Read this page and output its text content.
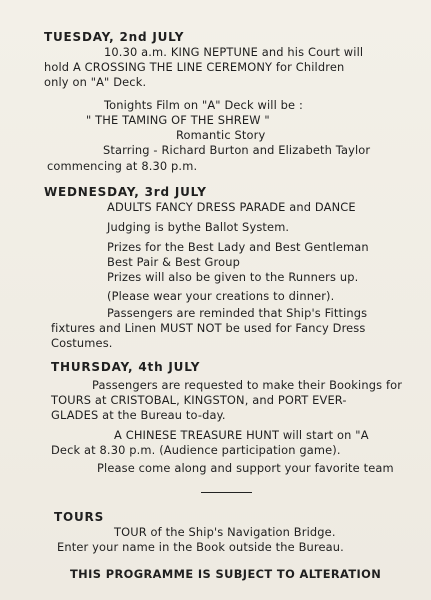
TUESDAY, 2nd JULY
10.30 a.m. KING NEPTUNE and his Court will
hold A CROSSING THE LINE CEREMONY for Children
only on "A" Deck.
Tonights Film on "A" Deck will be :
" THE TAMING OF THE SHREW "
Romantic Story
Starring - Richard Burton and Elizabeth Taylor
commencing at 8.30 p.m.
WEDNESDAY, 3rd JULY
ADULTS FANCY DRESS PARADE and DANCE
Judging is bythe Ballot System.
Prizes for the Best Lady and Best Gentleman
Best Pair & Best Group
Prizes will also be given to the Runners up.
(Please wear your creations to dinner).
Passengers are reminded that Ship's Fittings
fixtures and Linen MUST NOT be used for Fancy Dress
Costumes.
THURSDAY, 4th JULY
Passengers are requested to make their Bookings for
TOURS at CRISTOBAL, KINGSTON, and PORT EVER-
GLADES at the Bureau to-day.
A CHINESE TREASURE HUNT will start on "A
Deck at 8.30 p.m. (Audience participation game).
Please come along and support your favorite team
TOURS
TOUR of the Ship's Navigation Bridge.
Enter your name in the Book outside the Bureau.
THIS PROGRAMME IS SUBJECT TO ALTERATION
